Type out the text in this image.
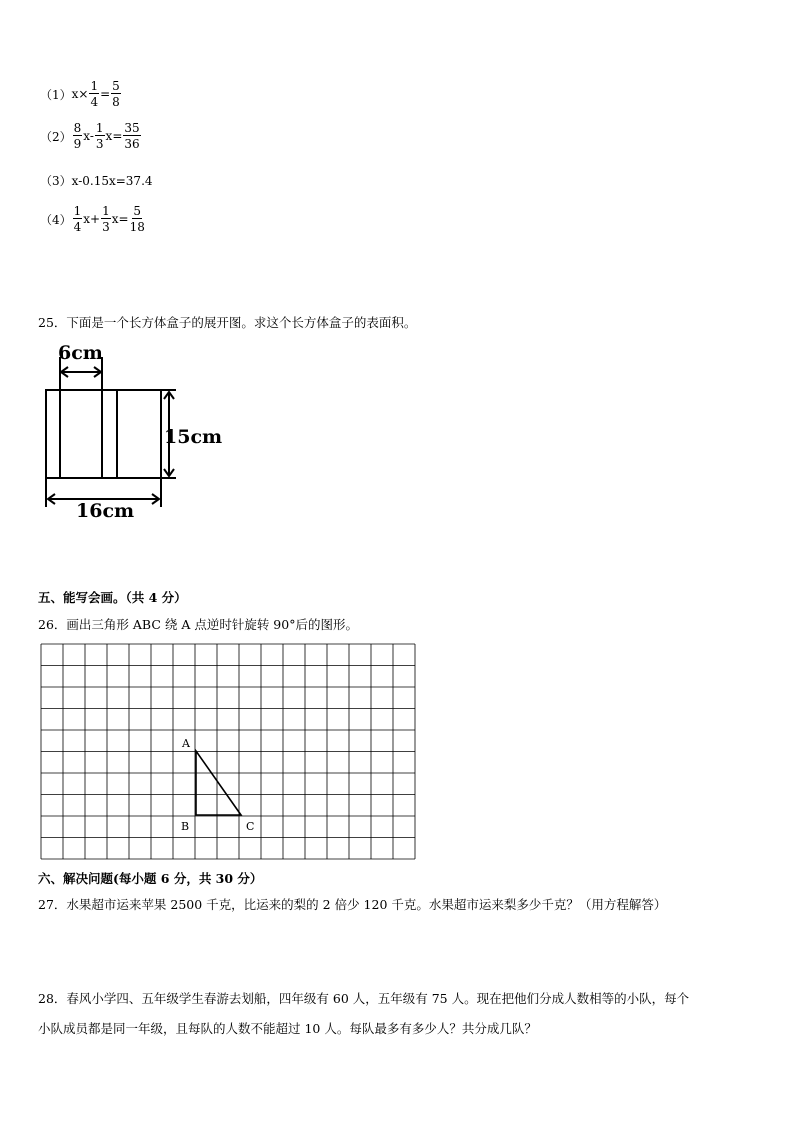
（1） $x\times \frac{1}{4} = \frac{5}{8}$
$(2) \frac{8}{9} x- \frac{1}{3} x= \frac{35}{36}$
（3） x-0.15x=37.4
$(4) \frac{1}{4} x+ \frac{1}{3} x= \frac{5}{18}$
25．下面是一个长方体盒子的展开图。求这个长方体盒子的表面积。
6cm
15cm
16cm
五、能写会画。（共 4 分）
26．画出三角形 ABC 绕 A 点逆时针旋转 90°后的图形。
A
B	C
六、解决问题(每小题 6 分，共 30 分）
27．水果超市运来苹果 2500 千克，比运来的梨的 2 倍少 120 千克。水果超市运来梨多少千克？（用方程解答）
28．春风小学四、五年级学生春游去划船，四年级有 60 人，五年级有 75 人。现在把他们分成人数相等的小队，每个
小队成员都是同一年级，且每队的人数不能超过 10 人。每队最多有多少人？共分成几队？
